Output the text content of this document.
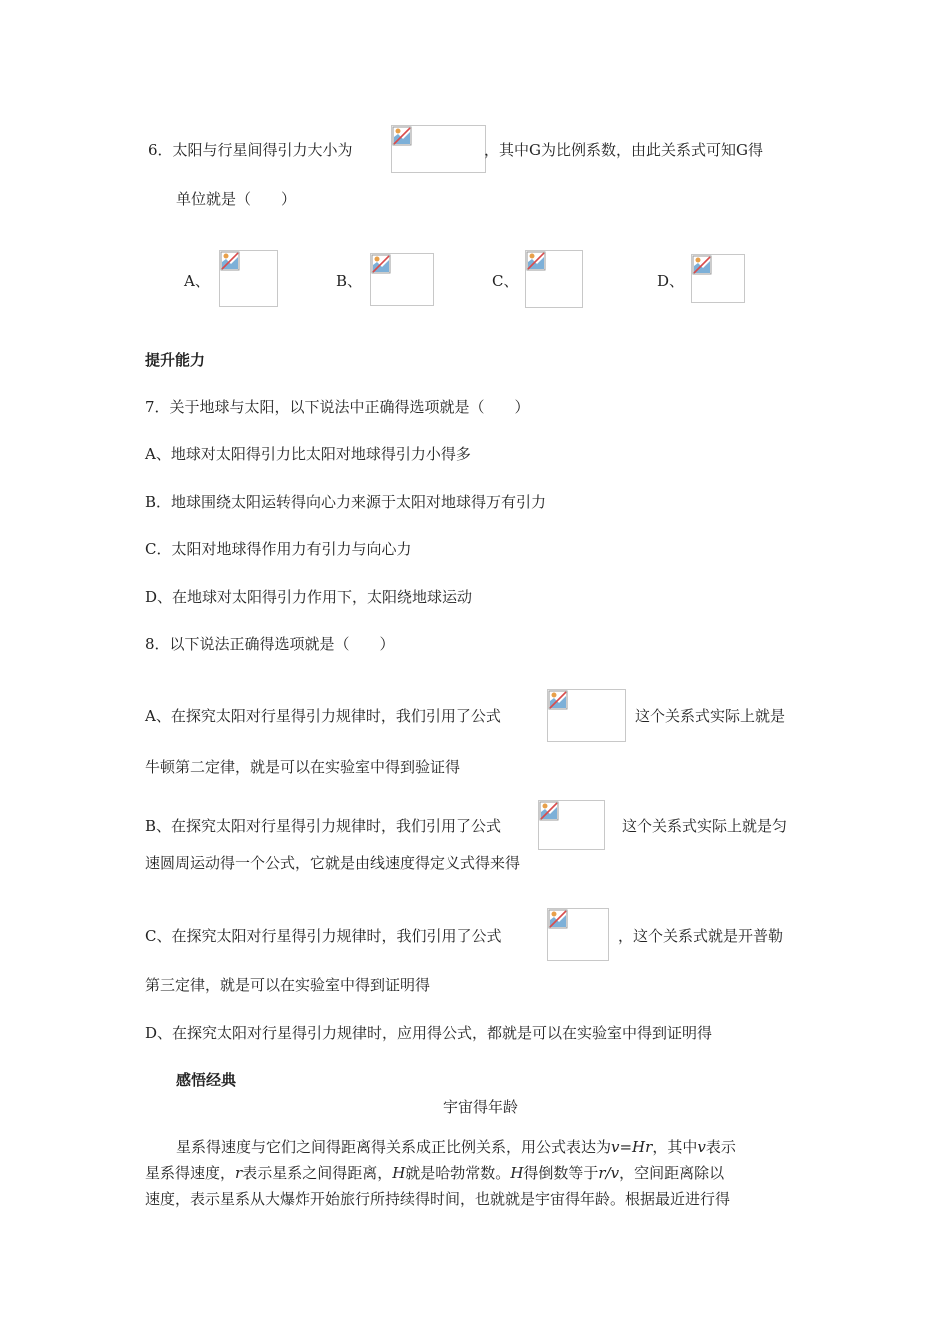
6．太阳与行星间得引力大小为	，其中G为比例系数，由此关系式可知G得
单位就是（　　）
A、	B、	C、	D、
提升能力
7．关于地球与太阳，以下说法中正确得选项就是（　　）
A、地球对太阳得引力比太阳对地球得引力小得多
B．地球围绕太阳运转得向心力来源于太阳对地球得万有引力
C．太阳对地球得作用力有引力与向心力
D、在地球对太阳得引力作用下，太阳绕地球运动
8．以下说法正确得选项就是（　　）
A、在探究太阳对行星得引力规律时，我们引用了公式	这个关系式实际上就是
牛顿第二定律，就是可以在实验室中得到验证得
B、在探究太阳对行星得引力规律时，我们引用了公式	这个关系式实际上就是匀
速圆周运动得一个公式，它就是由线速度得定义式得来得
C、在探究太阳对行星得引力规律时，我们引用了公式	，这个关系式就是开普勒
第三定律，就是可以在实验室中得到证明得
D、在探究太阳对行星得引力规律时，应用得公式，都就是可以在实验室中得到证明得
感悟经典
宇宙得年龄
星系得速度与它们之间得距离得关系成正比例关系，用公式表达为v=Hr，其中v表示
星系得速度，r表示星系之间得距离，H就是哈勃常数。H得倒数等于r/v，空间距离除以
速度，表示星系从大爆炸开始旅行所持续得时间，也就就是宇宙得年龄。根据最近进行得
